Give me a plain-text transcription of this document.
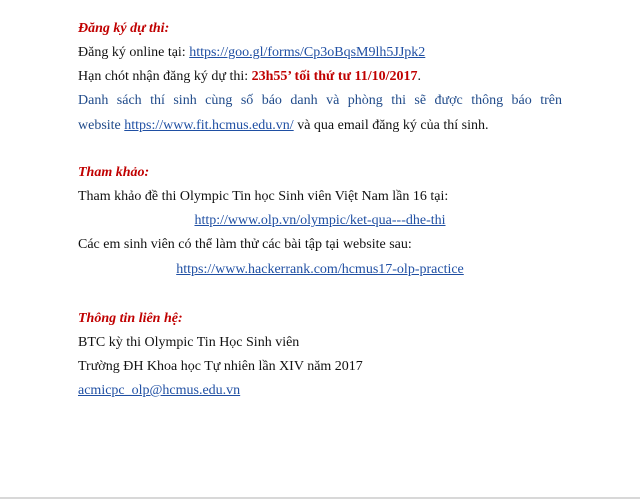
Đăng ký dự thi:
Đăng ký online tại: https://goo.gl/forms/Cp3oBqsM9lh5JJpk2
Hạn chót nhận đăng ký dự thi: 23h55’ tối thứ tư 11/10/2017.
Danh sách thí sinh cùng số báo danh và phòng thi sẽ được thông báo trên
website https://www.fit.hcmus.edu.vn/ và qua email đăng ký của thí sinh.
Tham khảo:
Tham khảo đề thi Olympic Tin học Sinh viên Việt Nam lần 16 tại:
http://www.olp.vn/olympic/ket-qua---dhe-thi
Các em sinh viên có thể làm thử các bài tập tại website sau:
https://www.hackerrank.com/hcmus17-olp-practice
Thông tin liên hệ:
BTC kỳ thi Olympic Tin Học Sinh viên
Trường ĐH Khoa học Tự nhiên lần XIV năm 2017
acmicpc_olp@hcmus.edu.vn
